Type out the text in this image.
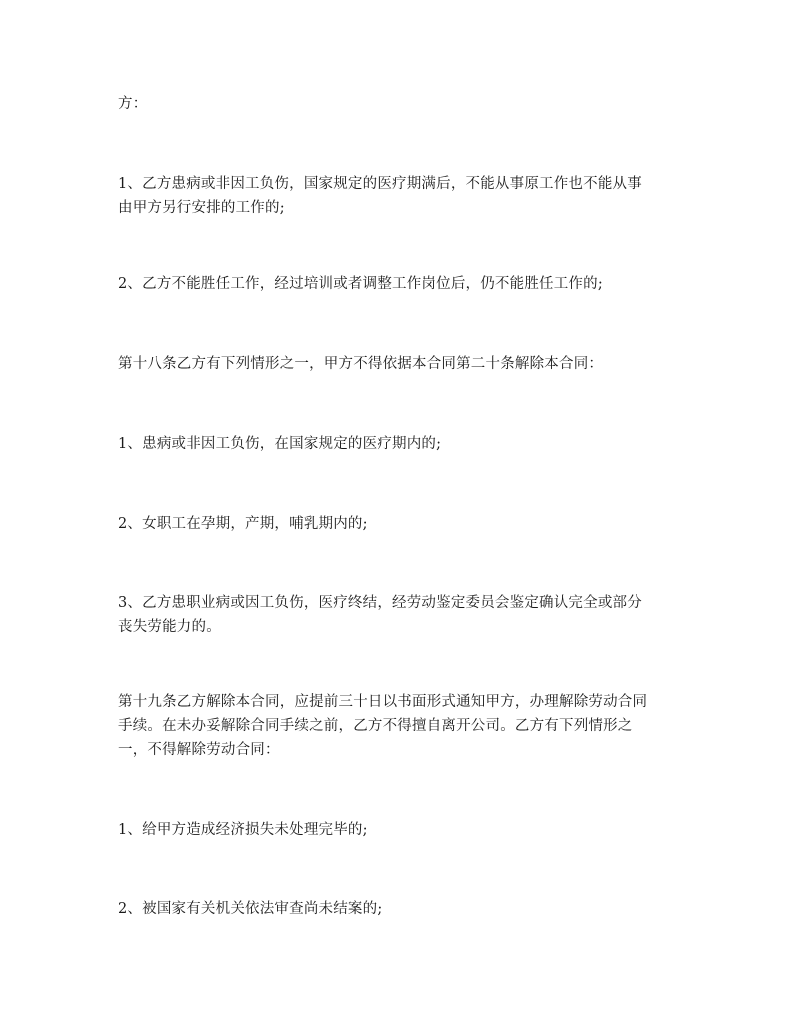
方：

1、乙方患病或非因工负伤，国家规定的医疗期满后，不能从事原工作也不能从事
由甲方另行安排的工作的;

2、乙方不能胜任工作，经过培训或者调整工作岗位后，仍不能胜任工作的;

第十八条乙方有下列情形之一，甲方不得依据本合同第二十条解除本合同：

1、患病或非因工负伤，在国家规定的医疗期内的;

2、女职工在孕期，产期，哺乳期内的;

3、乙方患职业病或因工负伤，医疗终结，经劳动鉴定委员会鉴定确认完全或部分
丧失劳能力的。

第十九条乙方解除本合同，应提前三十日以书面形式通知甲方，办理解除劳动合同
手续。在未办妥解除合同手续之前，乙方不得擅自离开公司。乙方有下列情形之
一，不得解除劳动合同：

1、给甲方造成经济损失未处理完毕的;

2、被国家有关机关依法审查尚未结案的;
